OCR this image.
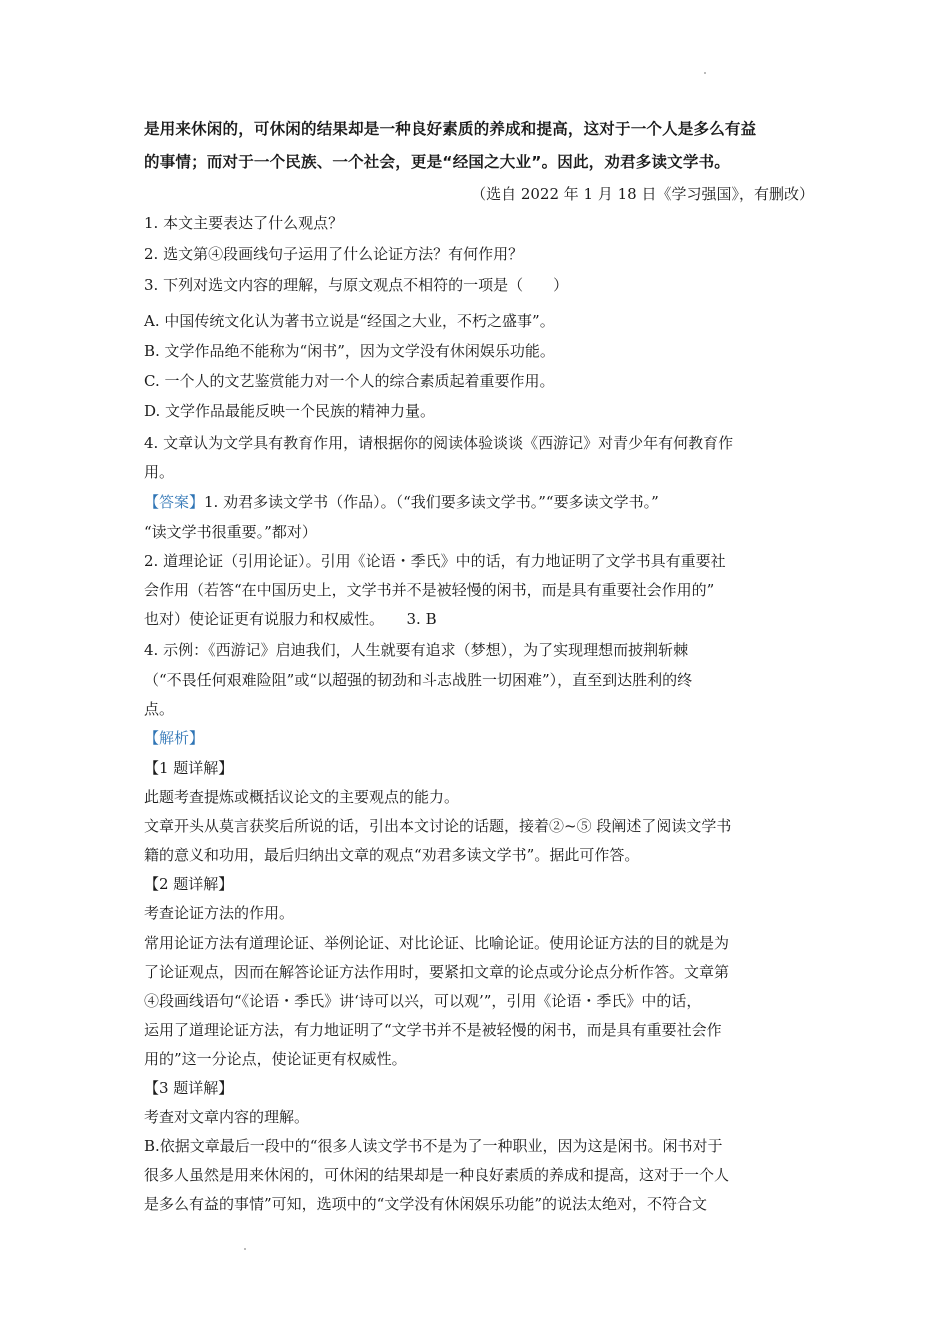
是用来休闲的，可休闲的结果却是一种良好素质的养成和提高，这对于一个人是多么有益
的事情；而对于一个民族、一个社会，更是“经国之大业”。因此，劝君多读文学书。
（选自 2022 年 1 月 18 日《学习强国》，有删改）
1. 本文主要表达了什么观点？
2. 选文第④段画线句子运用了什么论证方法？有何作用？
3. 下列对选文内容的理解，与原文观点不相符的一项是（　　）
A. 中国传统文化认为著书立说是“经国之大业，不朽之盛事”。
B. 文学作品绝不能称为“闲书”，因为文学没有休闲娱乐功能。
C. 一个人的文艺鉴赏能力对一个人的综合素质起着重要作用。
D. 文学作品最能反映一个民族的精神力量。
4. 文章认为文学具有教育作用，请根据你的阅读体验谈谈《西游记》对青少年有何教育作
用。
【答案】1. 劝君多读文学书（作品）。（“我们要多读文学书。”“要多读文学书。”
“读文学书很重要。”都对）
2. 道理论证（引用论证）。引用《论语・季氏》中的话，有力地证明了文学书具有重要社
会作用（若答“在中国历史上，文学书并不是被轻慢的闲书，而是具有重要社会作用的”
也对）使论证更有说服力和权威性。　　3. B
4. 示例：《西游记》启迪我们，人生就要有追求（梦想），为了实现理想而披荆斩棘
（“不畏任何艰难险阻”或“以超强的韧劲和斗志战胜一切困难”），直至到达胜利的终
点。
【解析】
【1 题详解】
此题考查提炼或概括议论文的主要观点的能力。
文章开头从莫言获奖后所说的话，引出本文讨论的话题，接着②~⑤ 段阐述了阅读文学书
籍的意义和功用，最后归纳出文章的观点“劝君多读文学书”。据此可作答。
【2 题详解】
考查论证方法的作用。
常用论证方法有道理论证、举例论证、对比论证、比喻论证。使用论证方法的目的就是为
了论证观点，因而在解答论证方法作用时，要紧扣文章的论点或分论点分析作答。文章第
④段画线语句“《论语・季氏》讲‘诗可以兴，可以观’”，引用《论语・季氏》中的话，
运用了道理论证方法，有力地证明了“文学书并不是被轻慢的闲书，而是具有重要社会作
用的”这一分论点，使论证更有权威性。
【3 题详解】
考查对文章内容的理解。
B.依据文章最后一段中的“很多人读文学书不是为了一种职业，因为这是闲书。闲书对于
很多人虽然是用来休闲的，可休闲的结果却是一种良好素质的养成和提高，这对于一个人
是多么有益的事情”可知，选项中的“文学没有休闲娱乐功能”的说法太绝对，不符合文
